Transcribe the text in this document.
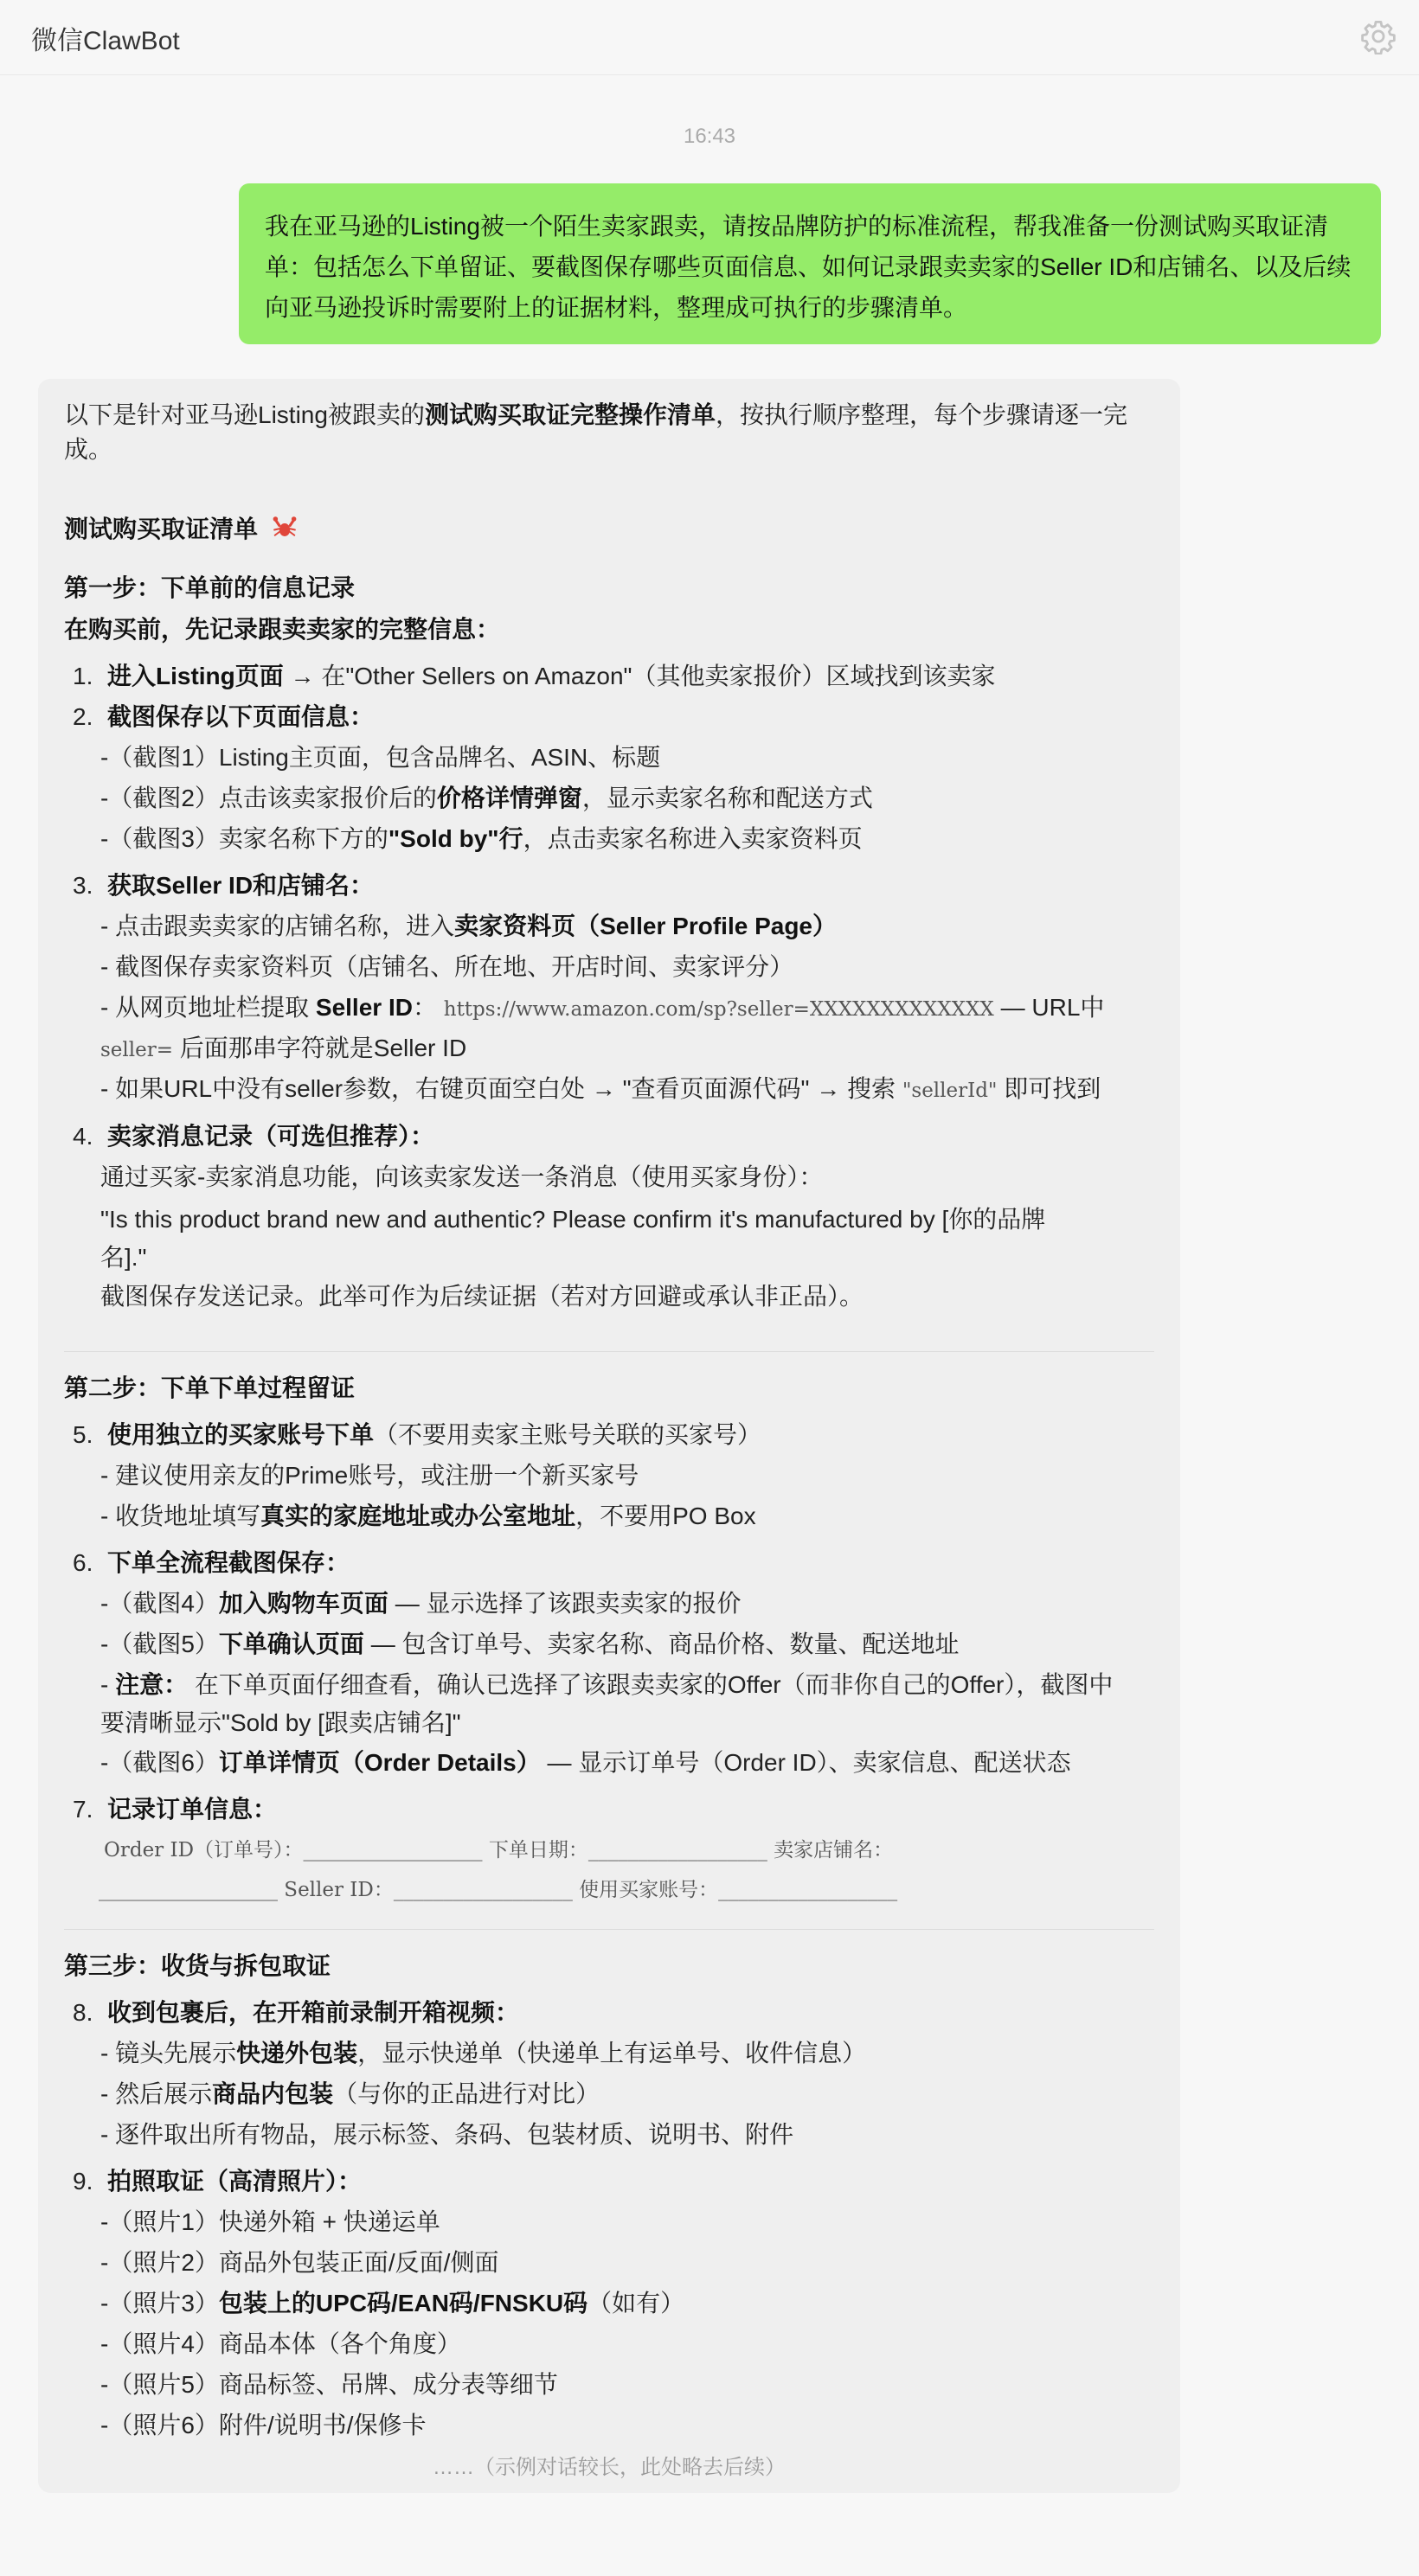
微信ClawBot
16:43
我在亚马逊的Listing被一个陌生卖家跟卖，请按品牌防护的标准流程，帮我准备一份测试购买取证清
单：包括怎么下单留证、要截图保存哪些页面信息、如何记录跟卖卖家的Seller ID和店铺名、以及后续
向亚马逊投诉时需要附上的证据材料，整理成可执行的步骤清单。
以下是针对亚马逊Listing被跟卖的测试购买取证完整操作清单，按执行顺序整理，每个步骤请逐一完
成。
测试购买取证清单
第一步：下单前的信息记录
在购买前，先记录跟卖卖家的完整信息：
1. 进入Listing页面 → 在"Other Sellers on Amazon"（其他卖家报价）区域找到该卖家
2. 截图保存以下页面信息：
-（截图1）Listing主页面，包含品牌名、ASIN、标题
-（截图2）点击该卖家报价后的价格详情弹窗，显示卖家名称和配送方式
-（截图3）卖家名称下方的"Sold by"行，点击卖家名称进入卖家资料页
3. 获取Seller ID和店铺名：
- 点击跟卖卖家的店铺名称，进入卖家资料页（Seller Profile Page）
- 截图保存卖家资料页（店铺名、所在地、开店时间、卖家评分）
- 从网页地址栏提取 Seller ID： https://www.amazon.com/sp?seller=XXXXXXXXXXXXX — URL中
seller= 后面那串字符就是Seller ID
- 如果URL中没有seller参数，右键页面空白处 → "查看页面源代码" → 搜索 "sellerId" 即可找到
4. 卖家消息记录（可选但推荐）：
通过买家-卖家消息功能，向该卖家发送一条消息（使用买家身份）：
"Is this product brand new and authentic? Please confirm it's manufactured by [你的品牌
名]."
截图保存发送记录。此举可作为后续证据（若对方回避或承认非正品）。
第二步：下单下单过程留证
5. 使用独立的买家账号下单（不要用卖家主账号关联的买家号）
- 建议使用亲友的Prime账号，或注册一个新买家号
- 收货地址填写真实的家庭地址或办公室地址，不要用PO Box
6. 下单全流程截图保存：
-（截图4）加入购物车页面 — 显示选择了该跟卖卖家的报价
-（截图5）下单确认页面 — 包含订单号、卖家名称、商品价格、数量、配送地址
- 注意： 在下单页面仔细查看，确认已选择了该跟卖卖家的Offer（而非你自己的Offer），截图中
要清晰显示"Sold by [跟卖店铺名]"
-（截图6）订单详情页（Order Details） — 显示订单号（Order ID）、卖家信息、配送状态
7. 记录订单信息：
Order ID（订单号）：__________________ 下单日期：__________________ 卖家店铺名：
__________________ Seller ID：__________________ 使用买家账号：__________________
第三步：收货与拆包取证
8. 收到包裹后，在开箱前录制开箱视频：
- 镜头先展示快递外包装，显示快递单（快递单上有运单号、收件信息）
- 然后展示商品内包装（与你的正品进行对比）
- 逐件取出所有物品，展示标签、条码、包装材质、说明书、附件
9. 拍照取证（高清照片）：
-（照片1）快递外箱 + 快递运单
-（照片2）商品外包装正面/反面/侧面
-（照片3）包装上的UPC码/EAN码/FNSKU码（如有）
-（照片4）商品本体（各个角度）
-（照片5）商品标签、吊牌、成分表等细节
-（照片6）附件/说明书/保修卡
……（示例对话较长，此处略去后续）
